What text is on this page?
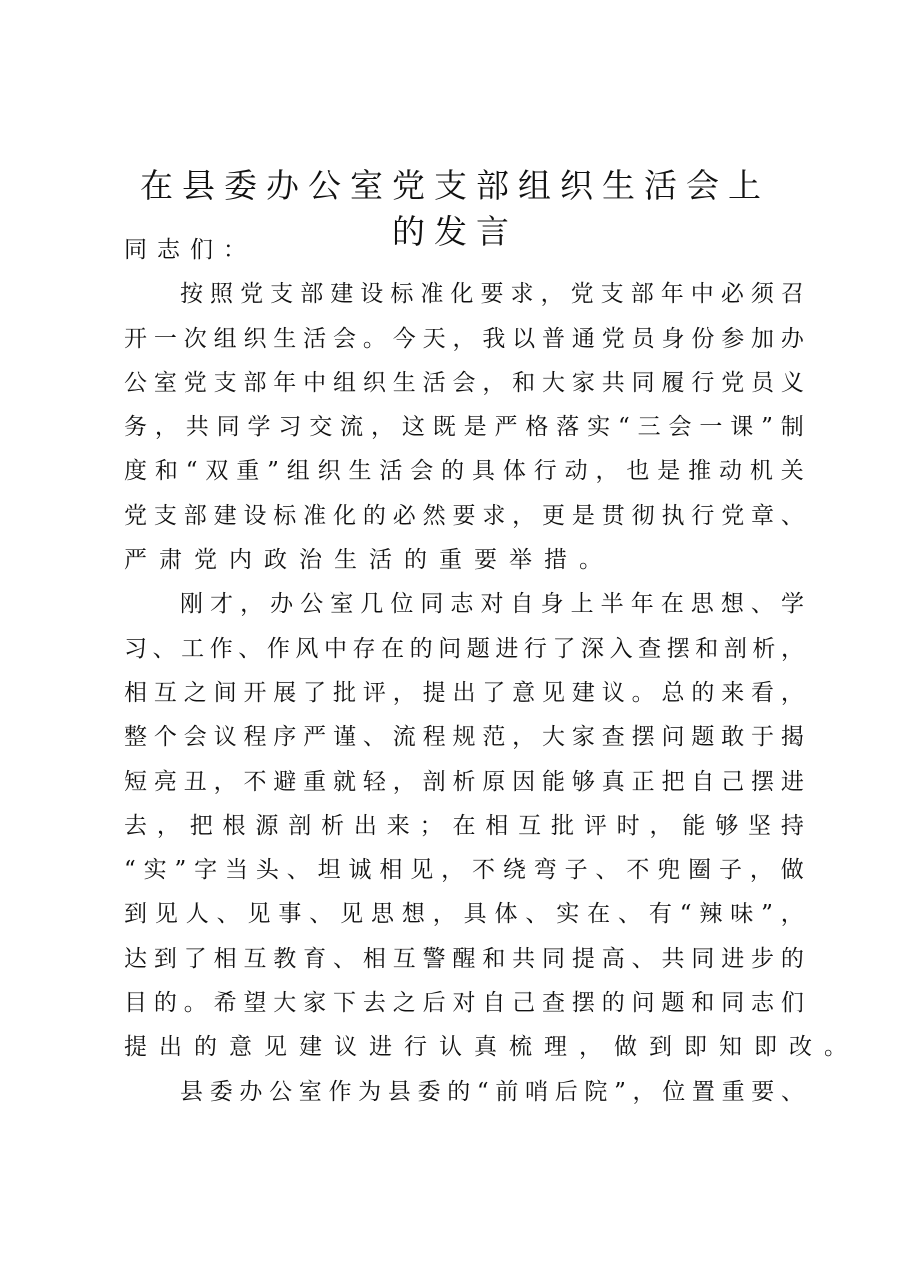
在县委办公室党支部组织生活会上
的发言
同志们：
按 照 党 支 部 建 设 标 准 化 要 求 ， 党 支 部 年 中 必 须 召
开 一 次 组 织 生 活 会 。 今 天 ， 我 以 普 通 党 员 身 份 参 加 办
公 室 党 支 部 年 中 组 织 生 活 会 ， 和 大 家 共 同 履 行 党 员 义
务 ， 共 同 学 习 交 流 ， 这 既 是 严 格 落 实 “ 三 会 一 课 ” 制
度 和 “ 双 重 ” 组 织 生 活 会 的 具 体 行 动 ， 也 是 推 动 机 关
党 支 部 建 设 标 准 化 的 必 然 要 求 ， 更 是 贯 彻 执 行 党 章 、
严 肃 党 内 政 治 生 活 的 重 要 举 措 。
刚 才 ， 办 公 室 几 位 同 志 对 自 身 上 半 年 在 思 想 、 学
习 、 工 作 、 作 风 中 存 在 的 问 题 进 行 了 深 入 查 摆 和 剖 析 ，
相 互 之 间 开 展 了 批 评 ， 提 出 了 意 见 建 议 。 总 的 来 看 ，
整 个 会 议 程 序 严 谨 、 流 程 规 范 ， 大 家 查 摆 问 题 敢 于 揭
短 亮 丑 ， 不 避 重 就 轻 ， 剖 析 原 因 能 够 真 正 把 自 己 摆 进
去 ， 把 根 源 剖 析 出 来 ； 在 相 互 批 评 时 ， 能 够 坚 持
“ 实 ” 字 当 头 、 坦 诚 相 见 ， 不 绕 弯 子 、 不 兜 圈 子 ， 做
到 见 人 、 见 事 、 见 思 想 ， 具 体 、 实 在 、 有 “ 辣 味 ” ，
达 到 了 相 互 教 育 、 相 互 警 醒 和 共 同 提 高 、 共 同 进 步 的
目 的 。 希 望 大 家 下 去 之 后 对 自 己 查 摆 的 问 题 和 同 志 们
提 出 的 意 见 建 议 进 行 认 真 梳 理 ， 做 到 即 知 即 改 。
县 委 办 公 室 作 为 县 委 的 “ 前 哨 后 院 ” ， 位 置 重 要 、
